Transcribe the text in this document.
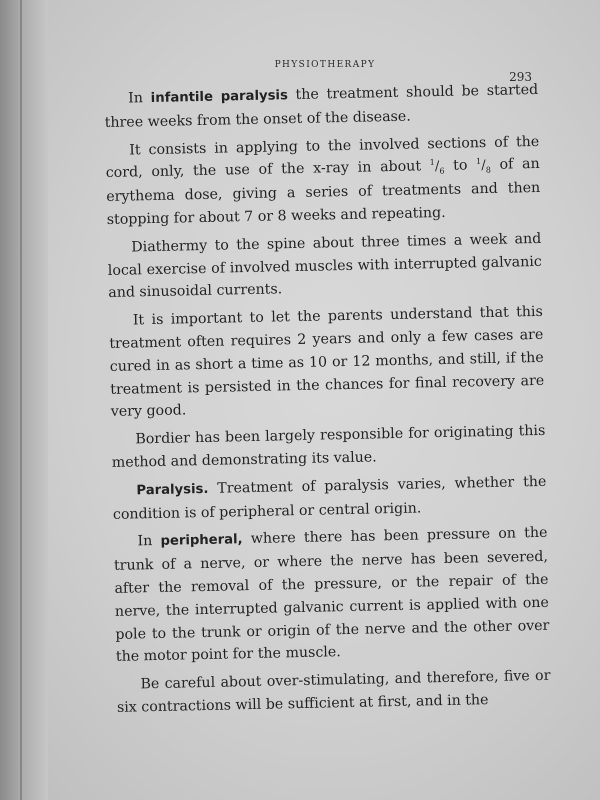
PHYSIOTHERAPY
293

In infantile paralysis the treatment should be started three weeks from the onset of the disease.

It consists in applying to the involved sections of the cord, only, the use of the x-ray in about $^1/_6$ to $^1/_8$ of an erythema dose, giving a series of treatments and then stopping for about 7 or 8 weeks and repeating.

Diathermy to the spine about three times a week and local exercise of involved muscles with interrupted galvanic and sinusoidal currents.

It is important to let the parents understand that this treatment often requires 2 years and only a few cases are cured in as short a time as 10 or 12 months, and still, if the treatment is persisted in the chances for final recovery are very good.

Bordier has been largely responsible for originating this method and demonstrating its value.

Paralysis. Treatment of paralysis varies, whether the condition is of peripheral or central origin.

In peripheral, where there has been pressure on the trunk of a nerve, or where the nerve has been severed, after the removal of the pressure, or the repair of the nerve, the interrupted galvanic current is applied with one pole to the trunk or origin of the nerve and the other over the motor point for the muscle.

Be careful about over-stimulating, and therefore, five or six contractions will be sufficient at first, and in the
